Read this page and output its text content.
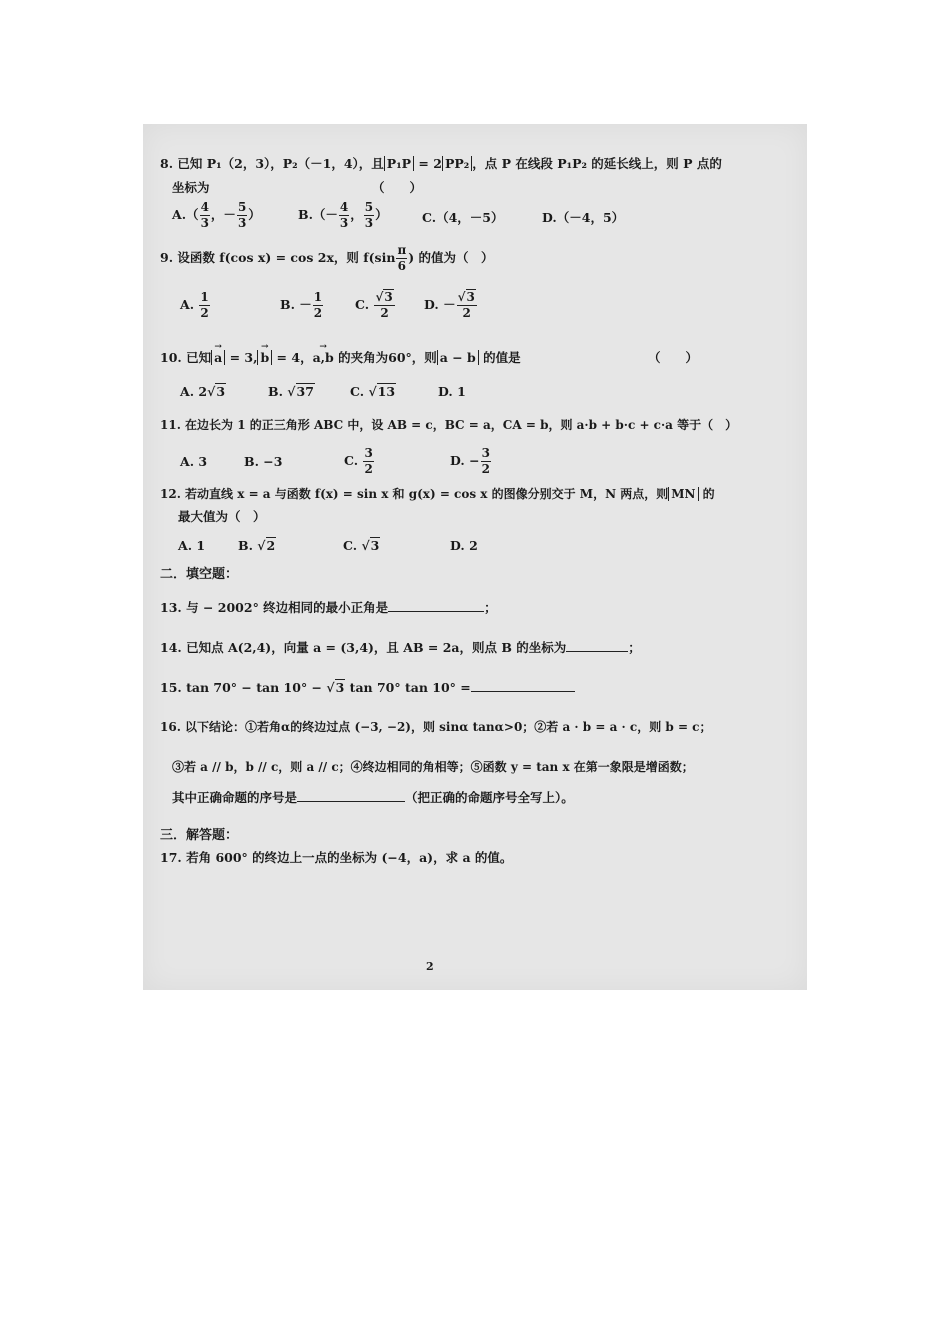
8. 已知 P₁（2，3），P₂（－1，4），且 P₁P = 2 PP₂ ，点 P 在线段 P₁P₂ 的延长线上，则 P 点的
坐标为	（　　）
$A.( \frac{4}{3}$ ，－ $\frac{5}{3}$ ）	$B.(- \frac{4}{3}$ ， $\frac{5}{3}$ ）	C.（4，－5）	D.（－4，5）
9. 设函数 f(cos x) = cos 2x，则 $f(\sin \frac{\pi}{6}$ ) 的值为（　）
A. $\frac{1}{2}$	B. － $\frac{1}{2}$	C. $\frac{√3}{2} D$. － $\frac{√3}{2}$
10. 已知 → a = 3, → b = 4，→ a,b 的夹角为60°，则 a − b 的值是	（　　）
A. 2√3	B. √37	C. √13	D. 1
11. 在边长为 1 的正三角形 ABC 中，设 AB = c，BC = a，CA = b，则 a·b + b·c + c·a 等于（　）
A. 3	B. −3	C. $\frac{3}{2}$	D. − $\frac{3}{2}$
12. 若动直线 x = a 与函数 f(x) = sin x 和 g(x) = cos x 的图像分别交于 M，N 两点，则 MN 的
最大值为（　）
A. 1	B. √2	C. √3	D. 2
二．填空题：
13. 与 − 2002° 终边相同的最小正角是	；
14. 已知点 A(2,4)，向量 a = (3,4)，且 AB = 2a，则点 B 的坐标为	；
15. tan 70° − tan 10° − √3 tan 70° tan 10° =
16. 以下结论：①若角α的终边过点 (−3, −2)，则 sinα tanα>0；②若 a · b = a · c，则 b = c；
③若 a // b，b // c，则 a // c；④终边相同的角相等；⑤函数 y = tan x 在第一象限是增函数；
其中正确命题的序号是	（把正确的命题序号全写上）。
三．解答题：
17. 若角 600° 的终边上一点的坐标为 (−4，a)，求 a 的值。
2
